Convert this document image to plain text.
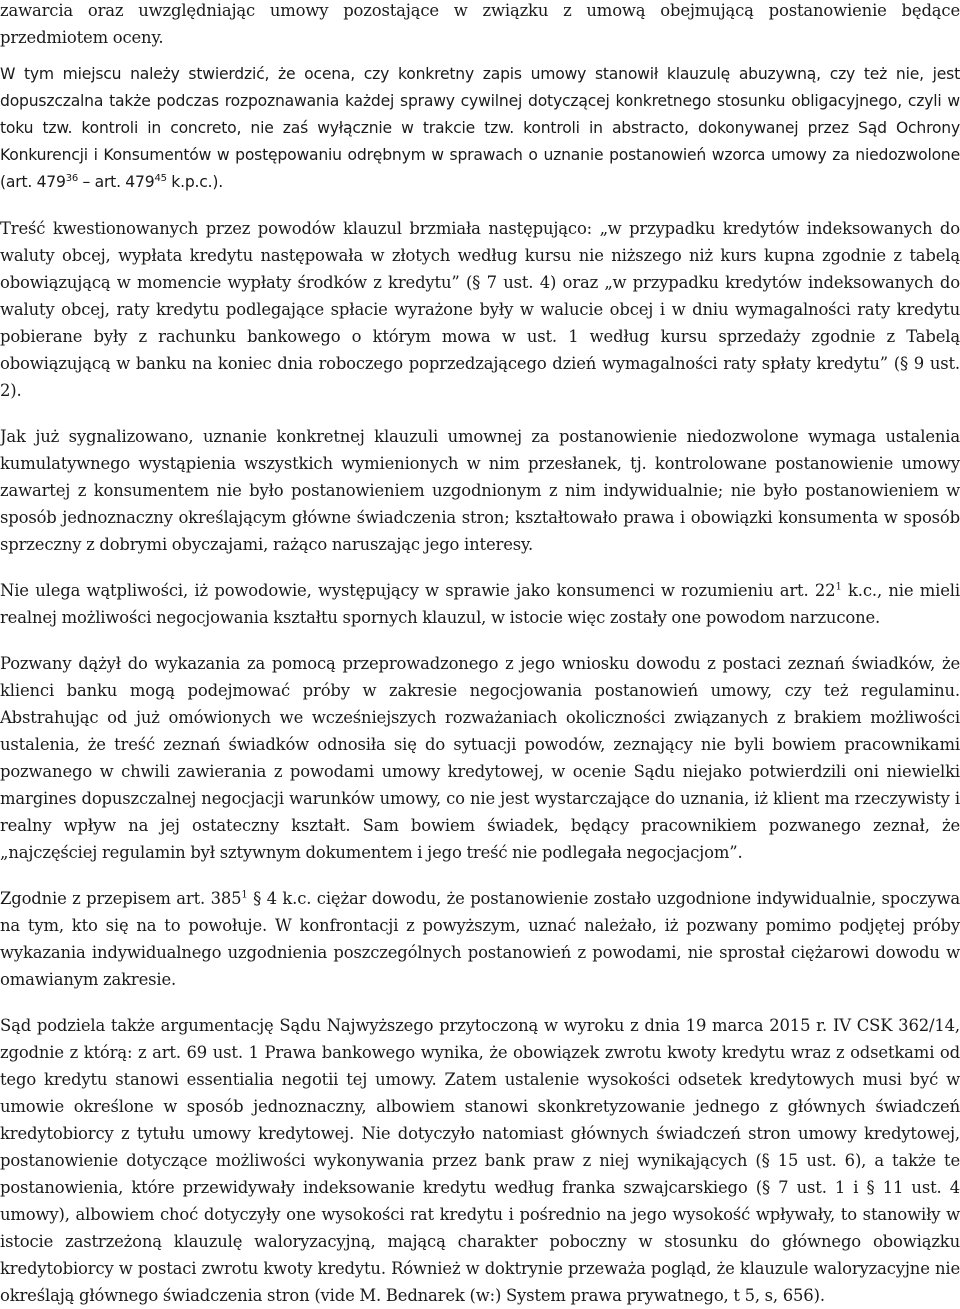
zawarcia oraz uwzględniając umowy pozostające w związku z umową obejmującą postanowienie będące przedmiotem oceny.

W tym miejscu należy stwierdzić, że ocena, czy konkretny zapis umowy stanowił klauzulę abuzywną, czy też nie, jest dopuszczalna także podczas rozpoznawania każdej sprawy cywilnej dotyczącej konkretnego stosunku obligacyjnego, czyli w toku tzw. kontroli in concreto, nie zaś wyłącznie w trakcie tzw. kontroli in abstracto, dokonywanej przez Sąd Ochrony Konkurencji i Konsumentów w postępowaniu odrębnym w sprawach o uznanie postanowień wzorca umowy za niedozwolone (art. $479^{36}$ – art. $479^{45}$ k.p.c.).

Treść kwestionowanych przez powodów klauzul brzmiała następująco: „w przypadku kredytów indeksowanych do waluty obcej, wypłata kredytu następowała w złotych według kursu nie niższego niż kurs kupna zgodnie z tabelą obowiązującą w momencie wypłaty środków z kredytu” (§ 7 ust. 4) oraz „w przypadku kredytów indeksowanych do waluty obcej, raty kredytu podlegające spłacie wyrażone były w walucie obcej i w dniu wymagalności raty kredytu pobierane były z rachunku bankowego o którym mowa w ust. 1 według kursu sprzedaży zgodnie z Tabelą obowiązującą w banku na koniec dnia roboczego poprzedzającego dzień wymagalności raty spłaty kredytu” (§ 9 ust. 2).

Jak już sygnalizowano, uznanie konkretnej klauzuli umownej za postanowienie niedozwolone wymaga ustalenia kumulatywnego wystąpienia wszystkich wymienionych w nim przesłanek, tj. kontrolowane postanowienie umowy zawartej z konsumentem nie było postanowieniem uzgodnionym z nim indywidualnie; nie było postanowieniem w sposób jednoznaczny określającym główne świadczenia stron; kształtowało prawa i obowiązki konsumenta w sposób sprzeczny z dobrymi obyczajami, rażąco naruszając jego interesy.

Nie ulega wątpliwości, iż powodowie, występujący w sprawie jako konsumenci w rozumieniu art. $22^1$ k.c., nie mieli realnej możliwości negocjowania kształtu spornych klauzul, w istocie więc zostały one powodom narzucone.

Pozwany dążył do wykazania za pomocą przeprowadzonego z jego wniosku dowodu z postaci zeznań świadków, że klienci banku mogą podejmować próby w zakresie negocjowania postanowień umowy, czy też regulaminu. Abstrahując od już omówionych we wcześniejszych rozważaniach okoliczności związanych z brakiem możliwości ustalenia, że treść zeznań świadków odnosiła się do sytuacji powodów, zeznający nie byli bowiem pracownikami pozwanego w chwili zawierania z powodami umowy kredytowej, w ocenie Sądu niejako potwierdzili oni niewielki margines dopuszczalnej negocjacji warunków umowy, co nie jest wystarczające do uznania, iż klient ma rzeczywisty i realny wpływ na jej ostateczny kształt. Sam bowiem świadek, będący pracownikiem pozwanego zeznał, że „najczęściej regulamin był sztywnym dokumentem i jego treść nie podlegała negocjacjom”.

Zgodnie z przepisem art. $385^1$ § 4 k.c. ciężar dowodu, że postanowienie zostało uzgodnione indywidualnie, spoczywa na tym, kto się na to powołuje. W konfrontacji z powyższym, uznać należało, iż pozwany pomimo podjętej próby wykazania indywidualnego uzgodnienia poszczególnych postanowień z powodami, nie sprostał ciężarowi dowodu w omawianym zakresie.

Sąd podziela także argumentację Sądu Najwyższego przytoczoną w wyroku z dnia 19 marca 2015 r. IV CSK 362/14, zgodnie z którą: z art. 69 ust. 1 Prawa bankowego wynika, że obowiązek zwrotu kwoty kredytu wraz z odsetkami od tego kredytu stanowi essentialia negotii tej umowy. Zatem ustalenie wysokości odsetek kredytowych musi być w umowie określone w sposób jednoznaczny, albowiem stanowi skonkretyzowanie jednego z głównych świadczeń kredytobiorcy z tytułu umowy kredytowej. Nie dotyczyło natomiast głównych świadczeń stron umowy kredytowej, postanowienie dotyczące możliwości wykonywania przez bank praw z niej wynikających (§ 15 ust. 6), a także te postanowienia, które przewidywały indeksowanie kredytu według franka szwajcarskiego (§ 7 ust. 1 i § 11 ust. 4 umowy), albowiem choć dotyczyły one wysokości rat kredytu i pośrednio na jego wysokość wpływały, to stanowiły w istocie zastrzeżoną klauzulę waloryzacyjną, mającą charakter poboczny w stosunku do głównego obowiązku kredytobiorcy w postaci zwrotu kwoty kredytu. Również w doktrynie przeważa pogląd, że klauzule waloryzacyjne nie określają głównego świadczenia stron (vide M. Bednarek (w:) System prawa prywatnego, t 5, s, 656).
